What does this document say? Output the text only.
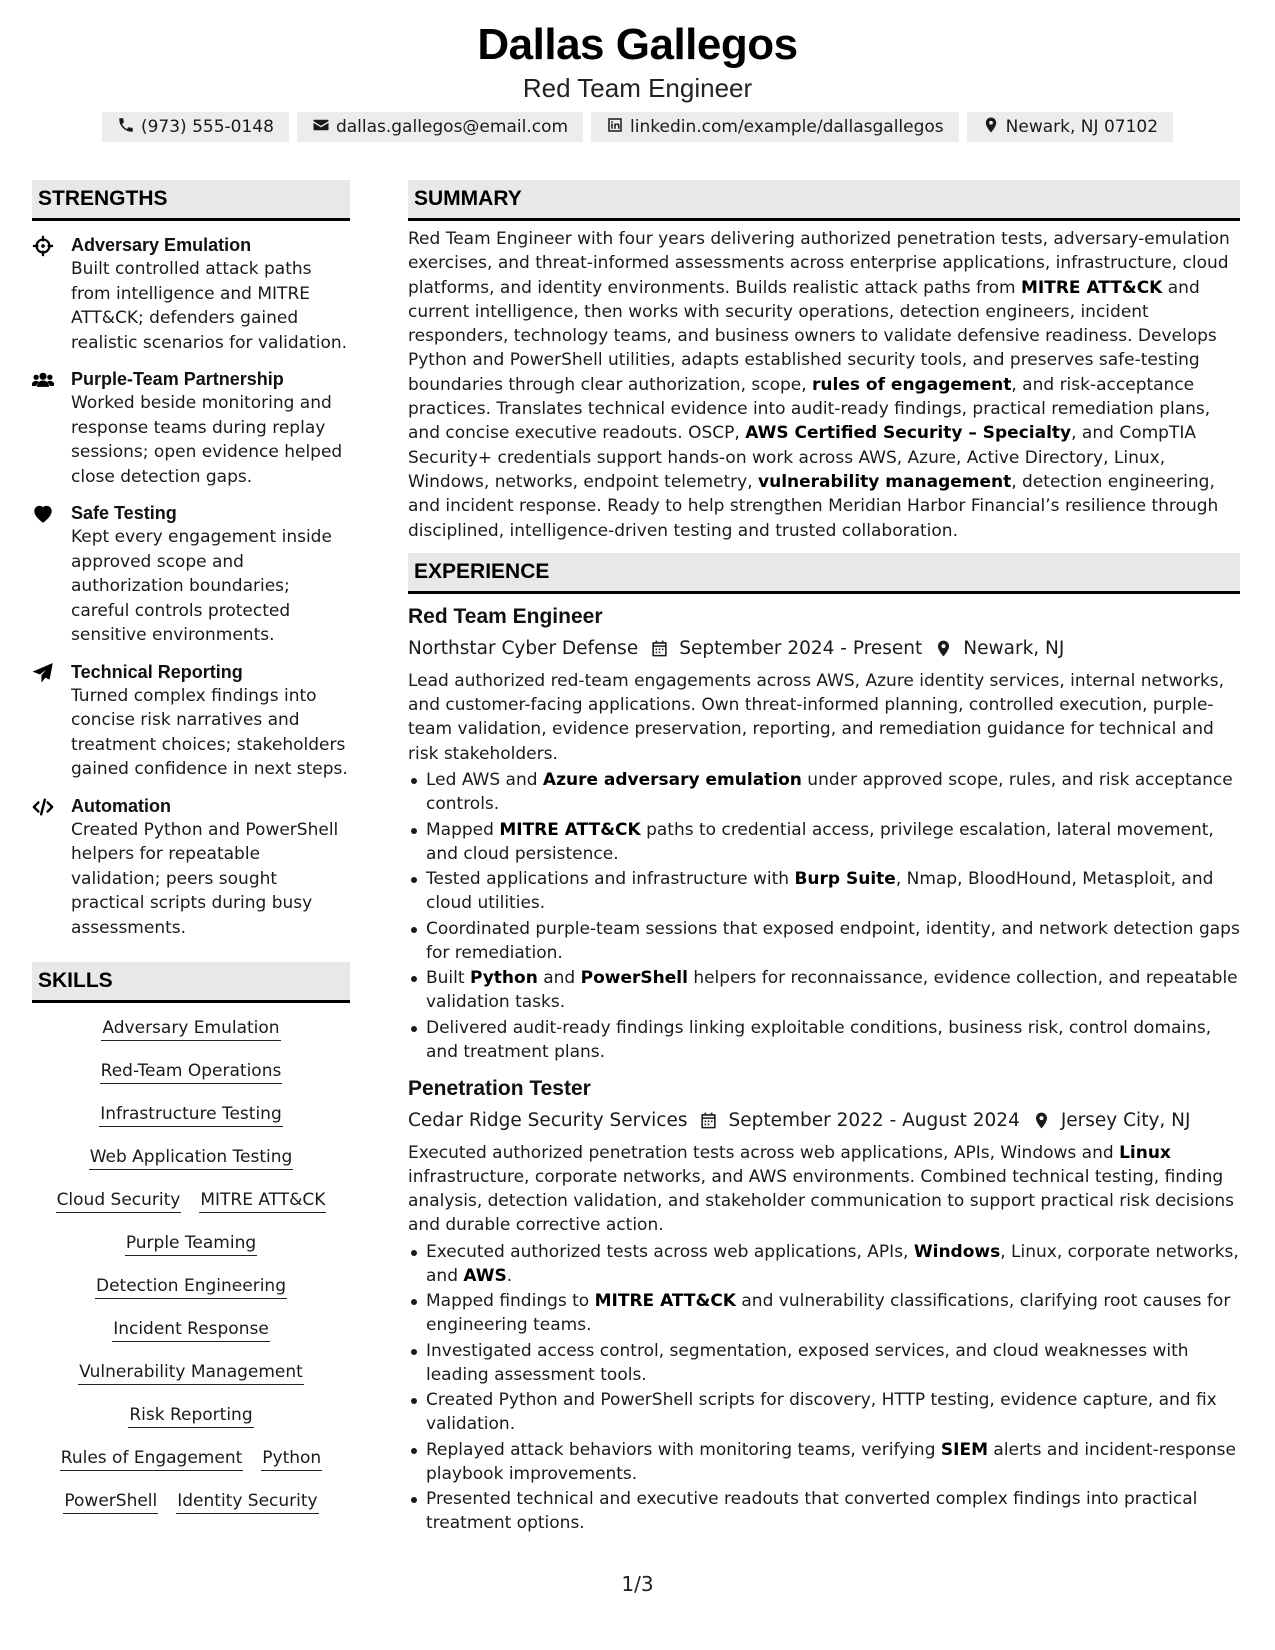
Dallas Gallegos
Red Team Engineer
(973) 555-0148	dallas.gallegos@email.com	linkedin.com/example/dallasgallegos	Newark, NJ 07102
STRENGTHS
Adversary Emulation
Built controlled attack paths from intelligence and MITRE ATT&CK; defenders gained realistic scenarios for validation.
Purple-Team Partnership
Worked beside monitoring and response teams during replay sessions; open evidence helped close detection gaps.
Safe Testing
Kept every engagement inside approved scope and authorization boundaries; careful controls protected sensitive environments.
Technical Reporting
Turned complex findings into concise risk narratives and treatment choices; stakeholders gained confidence in next steps.
Automation
Created Python and PowerShell helpers for repeatable validation; peers sought practical scripts during busy assessments.
SKILLS
Adversary Emulation
Red-Team Operations
Infrastructure Testing
Web Application Testing
Cloud Security MITRE ATT&CK
Purple Teaming
Detection Engineering
Incident Response
Vulnerability Management
Risk Reporting
Rules of Engagement Python
PowerShell Identity Security
SUMMARY

Red Team Engineer with four years delivering authorized penetration tests, adversary-emulation exercises, and threat-informed assessments across enterprise applications, infrastructure, cloud platforms, and identity environments. Builds realistic attack paths from MITRE ATT&CK and current intelligence, then works with security operations, detection engineers, incident responders, technology teams, and business owners to validate defensive readiness. Develops Python and PowerShell utilities, adapts established security tools, and preserves safe-testing boundaries through clear authorization, scope, rules of engagement, and risk-acceptance practices. Translates technical evidence into audit-ready findings, practical remediation plans, and concise executive readouts. OSCP, AWS Certified Security – Specialty, and CompTIA Security+ credentials support hands-on work across AWS, Azure, Active Directory, Linux, Windows, networks, endpoint telemetry, vulnerability management, detection engineering, and incident response. Ready to help strengthen Meridian Harbor Financial’s resilience through disciplined, intelligence-driven testing and trusted collaboration.

EXPERIENCE
Red Team Engineer
Northstar Cyber Defense September 2024 - Present Newark, NJ

Lead authorized red-team engagements across AWS, Azure identity services, internal networks, and customer-facing applications. Own threat-informed planning, controlled execution, purple-team validation, evidence preservation, reporting, and remediation guidance for technical and risk stakeholders.

Led AWS and Azure adversary emulation under approved scope, rules, and risk acceptance controls.
Mapped MITRE ATT&CK paths to credential access, privilege escalation, lateral movement, and cloud persistence.
Tested applications and infrastructure with Burp Suite, Nmap, BloodHound, Metasploit, and cloud utilities.
Coordinated purple-team sessions that exposed endpoint, identity, and network detection gaps for remediation.
Built Python and PowerShell helpers for reconnaissance, evidence collection, and repeatable validation tasks.
Delivered audit-ready findings linking exploitable conditions, business risk, control domains, and treatment plans.
Penetration Tester
Cedar Ridge Security Services September 2022 - August 2024 Jersey City, NJ

Executed authorized penetration tests across web applications, APIs, Windows and Linux infrastructure, corporate networks, and AWS environments. Combined technical testing, finding analysis, detection validation, and stakeholder communication to support practical risk decisions and durable corrective action.

Executed authorized tests across web applications, APIs, Windows, Linux, corporate networks, and AWS.
Mapped findings to MITRE ATT&CK and vulnerability classifications, clarifying root causes for engineering teams.
Investigated access control, segmentation, exposed services, and cloud weaknesses with leading assessment tools.
Created Python and PowerShell scripts for discovery, HTTP testing, evidence capture, and fix validation.
Replayed attack behaviors with monitoring teams, verifying SIEM alerts and incident-response playbook improvements.
Presented technical and executive readouts that converted complex findings into practical treatment options.
1/3
